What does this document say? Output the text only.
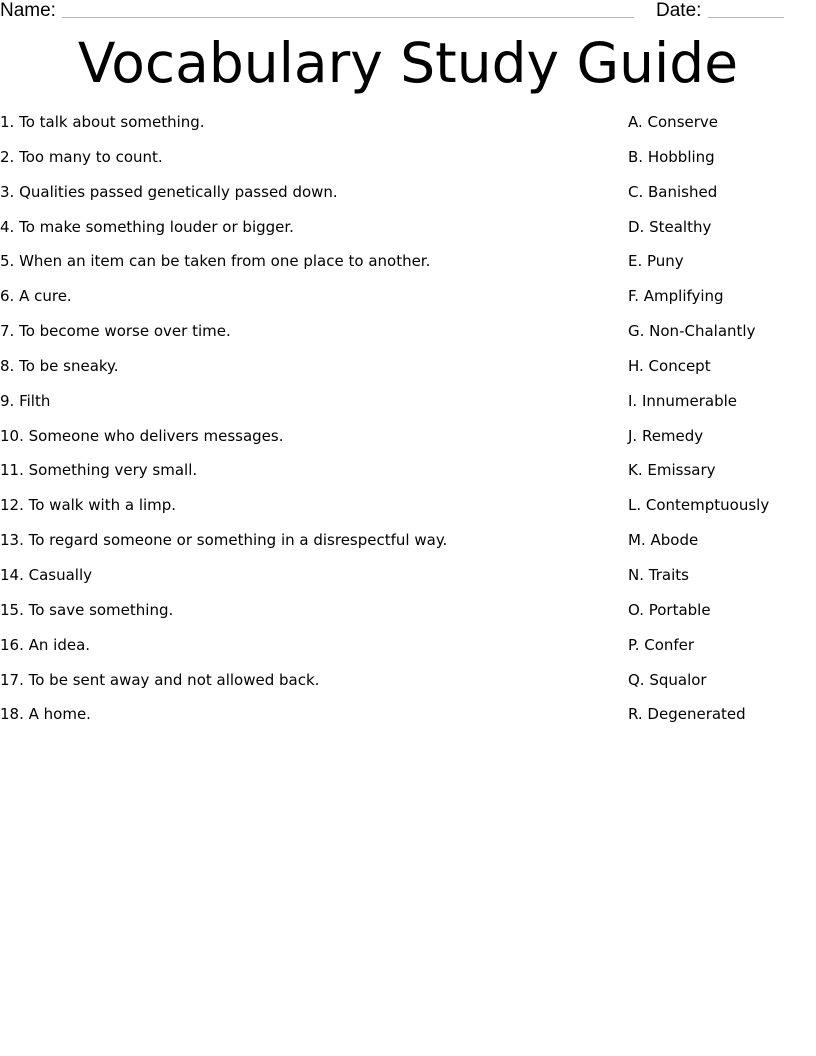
Name:	Date:
Vocabulary Study Guide
1. To talk about something.
2. Too many to count.
3. Qualities passed genetically passed down.
4. To make something louder or bigger.
5. When an item can be taken from one place to another.
6. A cure.
7. To become worse over time.
8. To be sneaky.
9. Filth
10. Someone who delivers messages.
11. Something very small.
12. To walk with a limp.
13. To regard someone or something in a disrespectful way.
14. Casually
15. To save something.
16. An idea.
17. To be sent away and not allowed back.
18. A home.
A. Conserve
B. Hobbling
C. Banished
D. Stealthy
E. Puny
F. Amplifying
G. Non-Chalantly
H. Concept
I. Innumerable
J. Remedy
K. Emissary
L. Contemptuously
M. Abode
N. Traits
O. Portable
P. Confer
Q. Squalor
R. Degenerated
